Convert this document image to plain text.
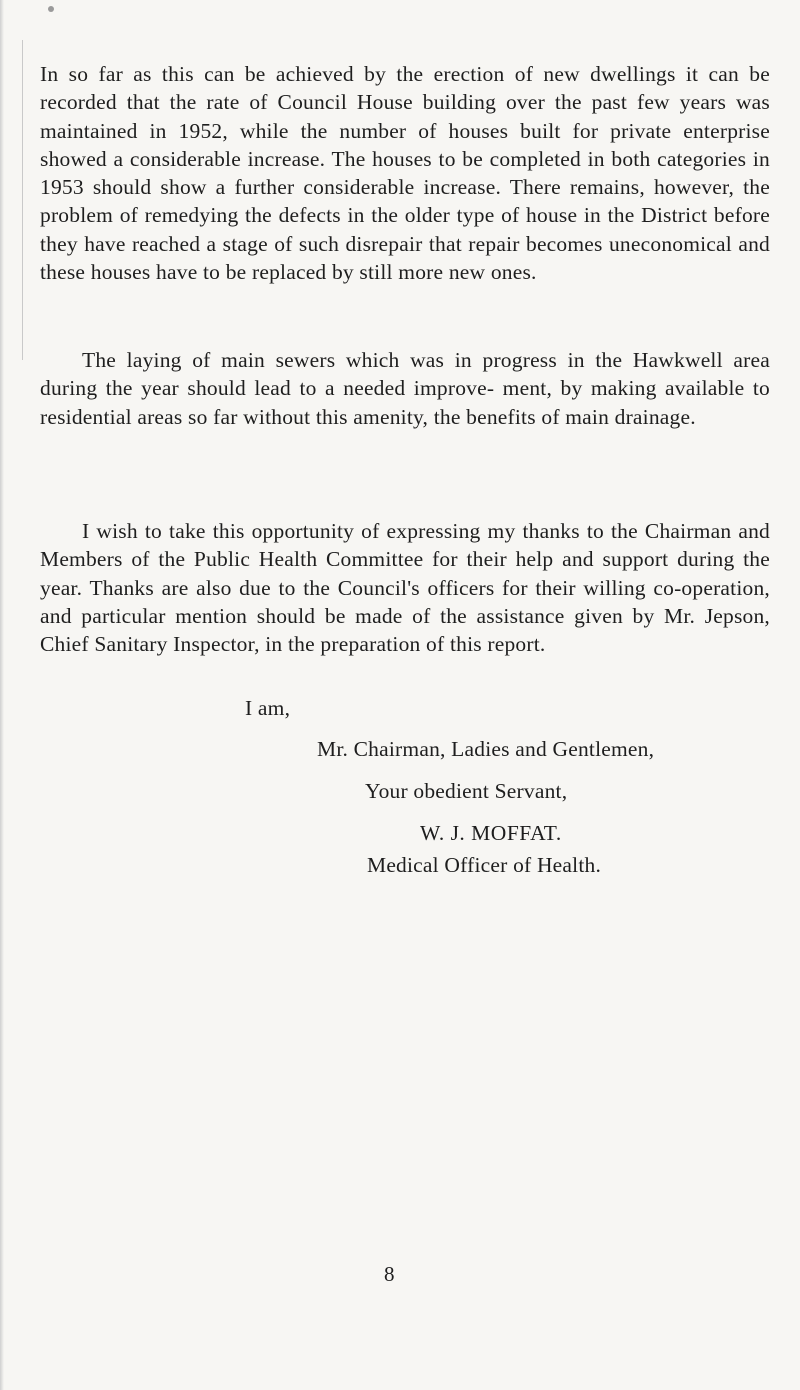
In so far as this can be achieved by the erection of new dwellings it can be recorded that the rate of Council House building over the past few years was maintained in 1952, while the number of houses built for private enterprise showed a considerable increase. The houses to be completed in both categories in 1953 should show a further considerable increase. There remains, however, the problem of remedying the defects in the older type of house in the District before they have reached a stage of such disrepair that repair becomes uneconomical and these houses have to be replaced by still more new ones.

The laying of main sewers which was in progress in the Hawkwell area during the year should lead to a needed improve- ment, by making available to residential areas so far without this amenity, the benefits of main drainage.

I wish to take this opportunity of expressing my thanks to the Chairman and Members of the Public Health Committee for their help and support during the year. Thanks are also due to the Council's officers for their willing co-operation, and particular mention should be made of the assistance given by Mr. Jepson, Chief Sanitary Inspector, in the preparation of this report.

I am,

Mr. Chairman, Ladies and Gentlemen,

Your obedient Servant,

W. J. MOFFAT.

Medical Officer of Health.

8
